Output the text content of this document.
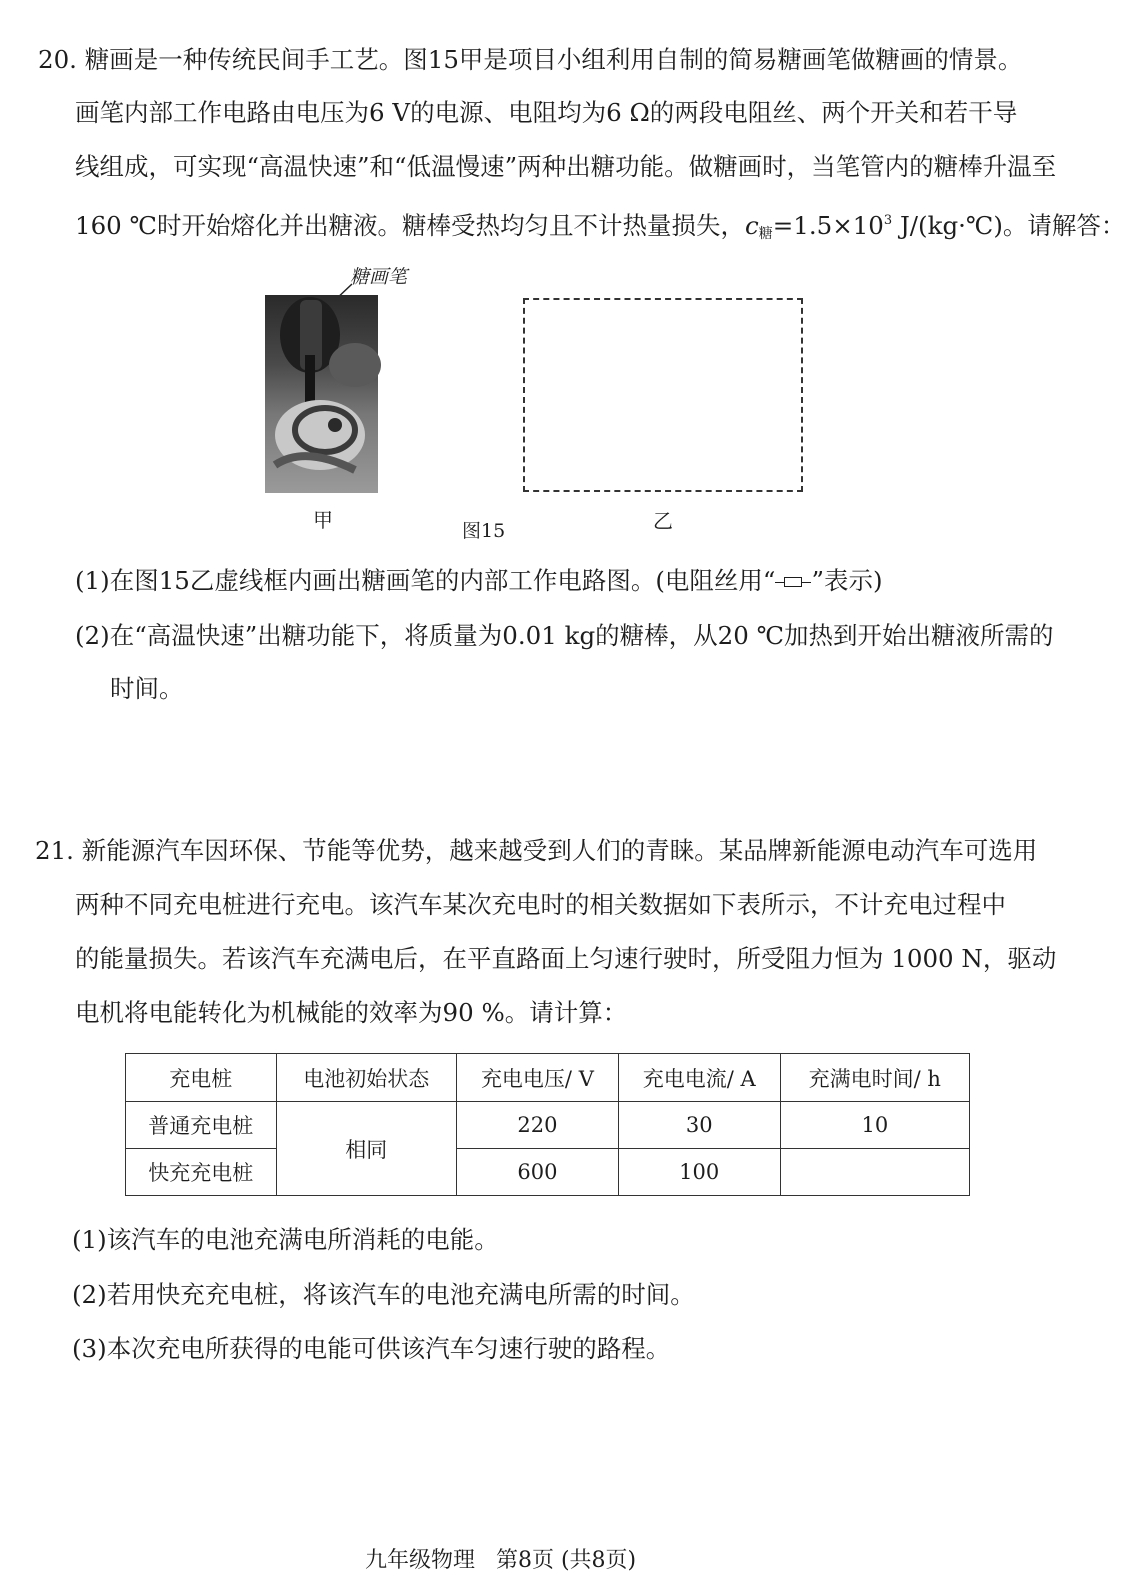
20. 糖画是一种传统民间手工艺。图15甲是项目小组利用自制的简易糖画笔做糖画的情景。
画笔内部工作电路由电压为6 V的电源、电阻均为6 Ω的两段电阻丝、两个开关和若干导
线组成，可实现“高温快速”和“低温慢速”两种出糖功能。做糖画时，当笔管内的糖棒升温至
160 ℃时开始熔化并出糖液。糖棒受热均匀且不计热量损失，$c_糖=1.5\times 10^3$ J/(kg·℃)。请解答：
糖画笔
甲	图15	乙
(1)在图15乙虚线框内画出糖画笔的内部工作电路图。(电阻丝用“ ”表示)
(2)在“高温快速”出糖功能下，将质量为0.01 kg的糖棒，从20 ℃加热到开始出糖液所需的
时间。
21. 新能源汽车因环保、节能等优势，越来越受到人们的青睐。某品牌新能源电动汽车可选用
两种不同充电桩进行充电。该汽车某次充电时的相关数据如下表所示，不计充电过程中
的能量损失。若该汽车充满电后，在平直路面上匀速行驶时，所受阻力恒为 1000 N，驱动
电机将电能转化为机械能的效率为90 %。请计算：
充电桩	电池初始状态	充电电压/ V	充电电流/ A	充满电时间/ h
普通充电桩	相同	220	30	10
快充充电桩		600	100	
(1)该汽车的电池充满电所消耗的电能。
(2)若用快充充电桩，将该汽车的电池充满电所需的时间。
(3)本次充电所获得的电能可供该汽车匀速行驶的路程。
九年级物理   第8页 (共8页)
